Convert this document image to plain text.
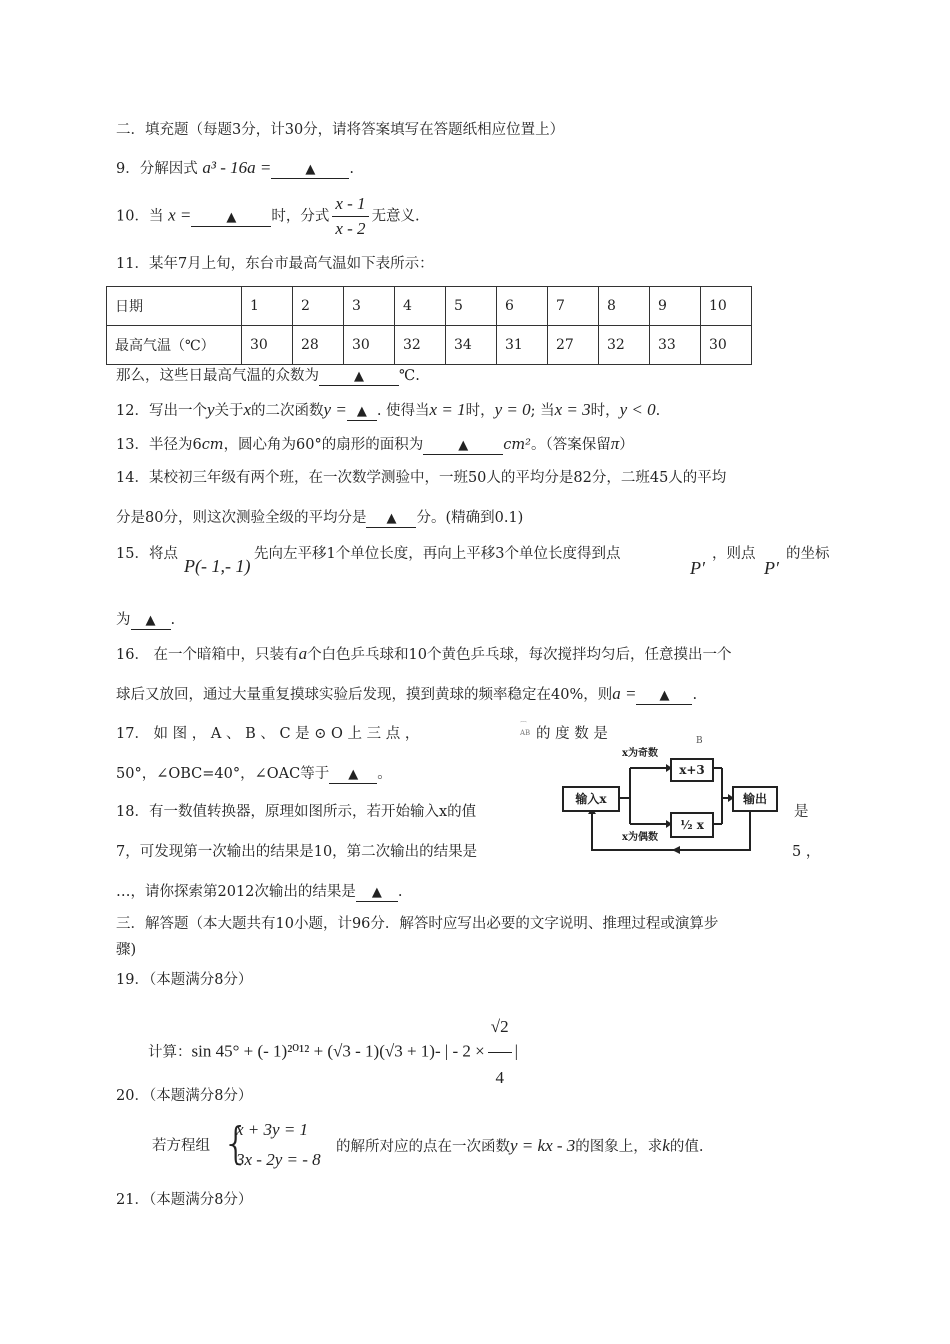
二．填充题（每题3分，计30分，请将答案填写在答题纸相应位置上）
9．分解因式 a³ - 16a =	▲ .
10．当 x =	▲ 时，分式 $\frac{x - 1}{x - 2}$ 无意义.
11．某年7月上旬，东台市最高气温如下表所示：
日期	1	2	3	4	5	6	7	8	9	10
最高气温（℃）	30	28	30	32	34	31	27	32	33	30
那么，这些日最高气温的众数为	▲ ℃.
12．写出一个y关于x的二次函数y = ▲ . 使得当x = 1时，y = 0; 当x = 3时，y < 0.
13．半径为6cm，圆心角为60°的扇形的面积为	▲ cm²。（答案保留π）
14．某校初三年级有两个班，在一次数学测验中，一班50人的平均分是82分，二班45人的平均
分是80分，则这次测验全级的平均分是 ▲ 分。(精确到0.1)
15．将点
P(- 1,- 1)
先向左平移1个单位长度，再向上平移3个单位长度得到点
P′
，则点
P′
的坐标
为 ▲ .
16． 在一个暗箱中，只装有a个白色乒乓球和10个黄色乒乓球，每次搅拌均匀后，任意摸出一个
球后又放回，通过大量重复摸球实验后发现，摸到黄球的频率稳定在40%，则a = ▲ .
17． 如 图 ， A 、 B 、 C 是 ⊙ O 上 三 点 ，
⌒
AB 的 度 数 是
50°，∠OBC=40°，∠OAC等于 ▲ 。
18．有一数值转换器，原理如图所示，若开始输入x的值	是
7，可发现第一次输出的结果是10，第二次输出的结果是	5 ，
…，请你探索第2012次输出的结果是 ▲ .
B
输入x
x为奇数
x+3
x为偶数
½ x
输出
三．解答题（本大题共有10小题，计96分．解答时应写出必要的文字说明、推理过程或演算步
骤)
19．（本题满分8分）
计算：sin 45° + (- 1)²⁰¹² + (√3 - 1)(√3 + 1)- | - $2 \times \frac{√2}{4}$ |
20．（本题满分8分）
若方程组 {
x + 3y = 1
3x - 2y = - 8
的解所对应的点在一次函数y = kx - 3的图象上，求k的值.
21．（本题满分8分）
